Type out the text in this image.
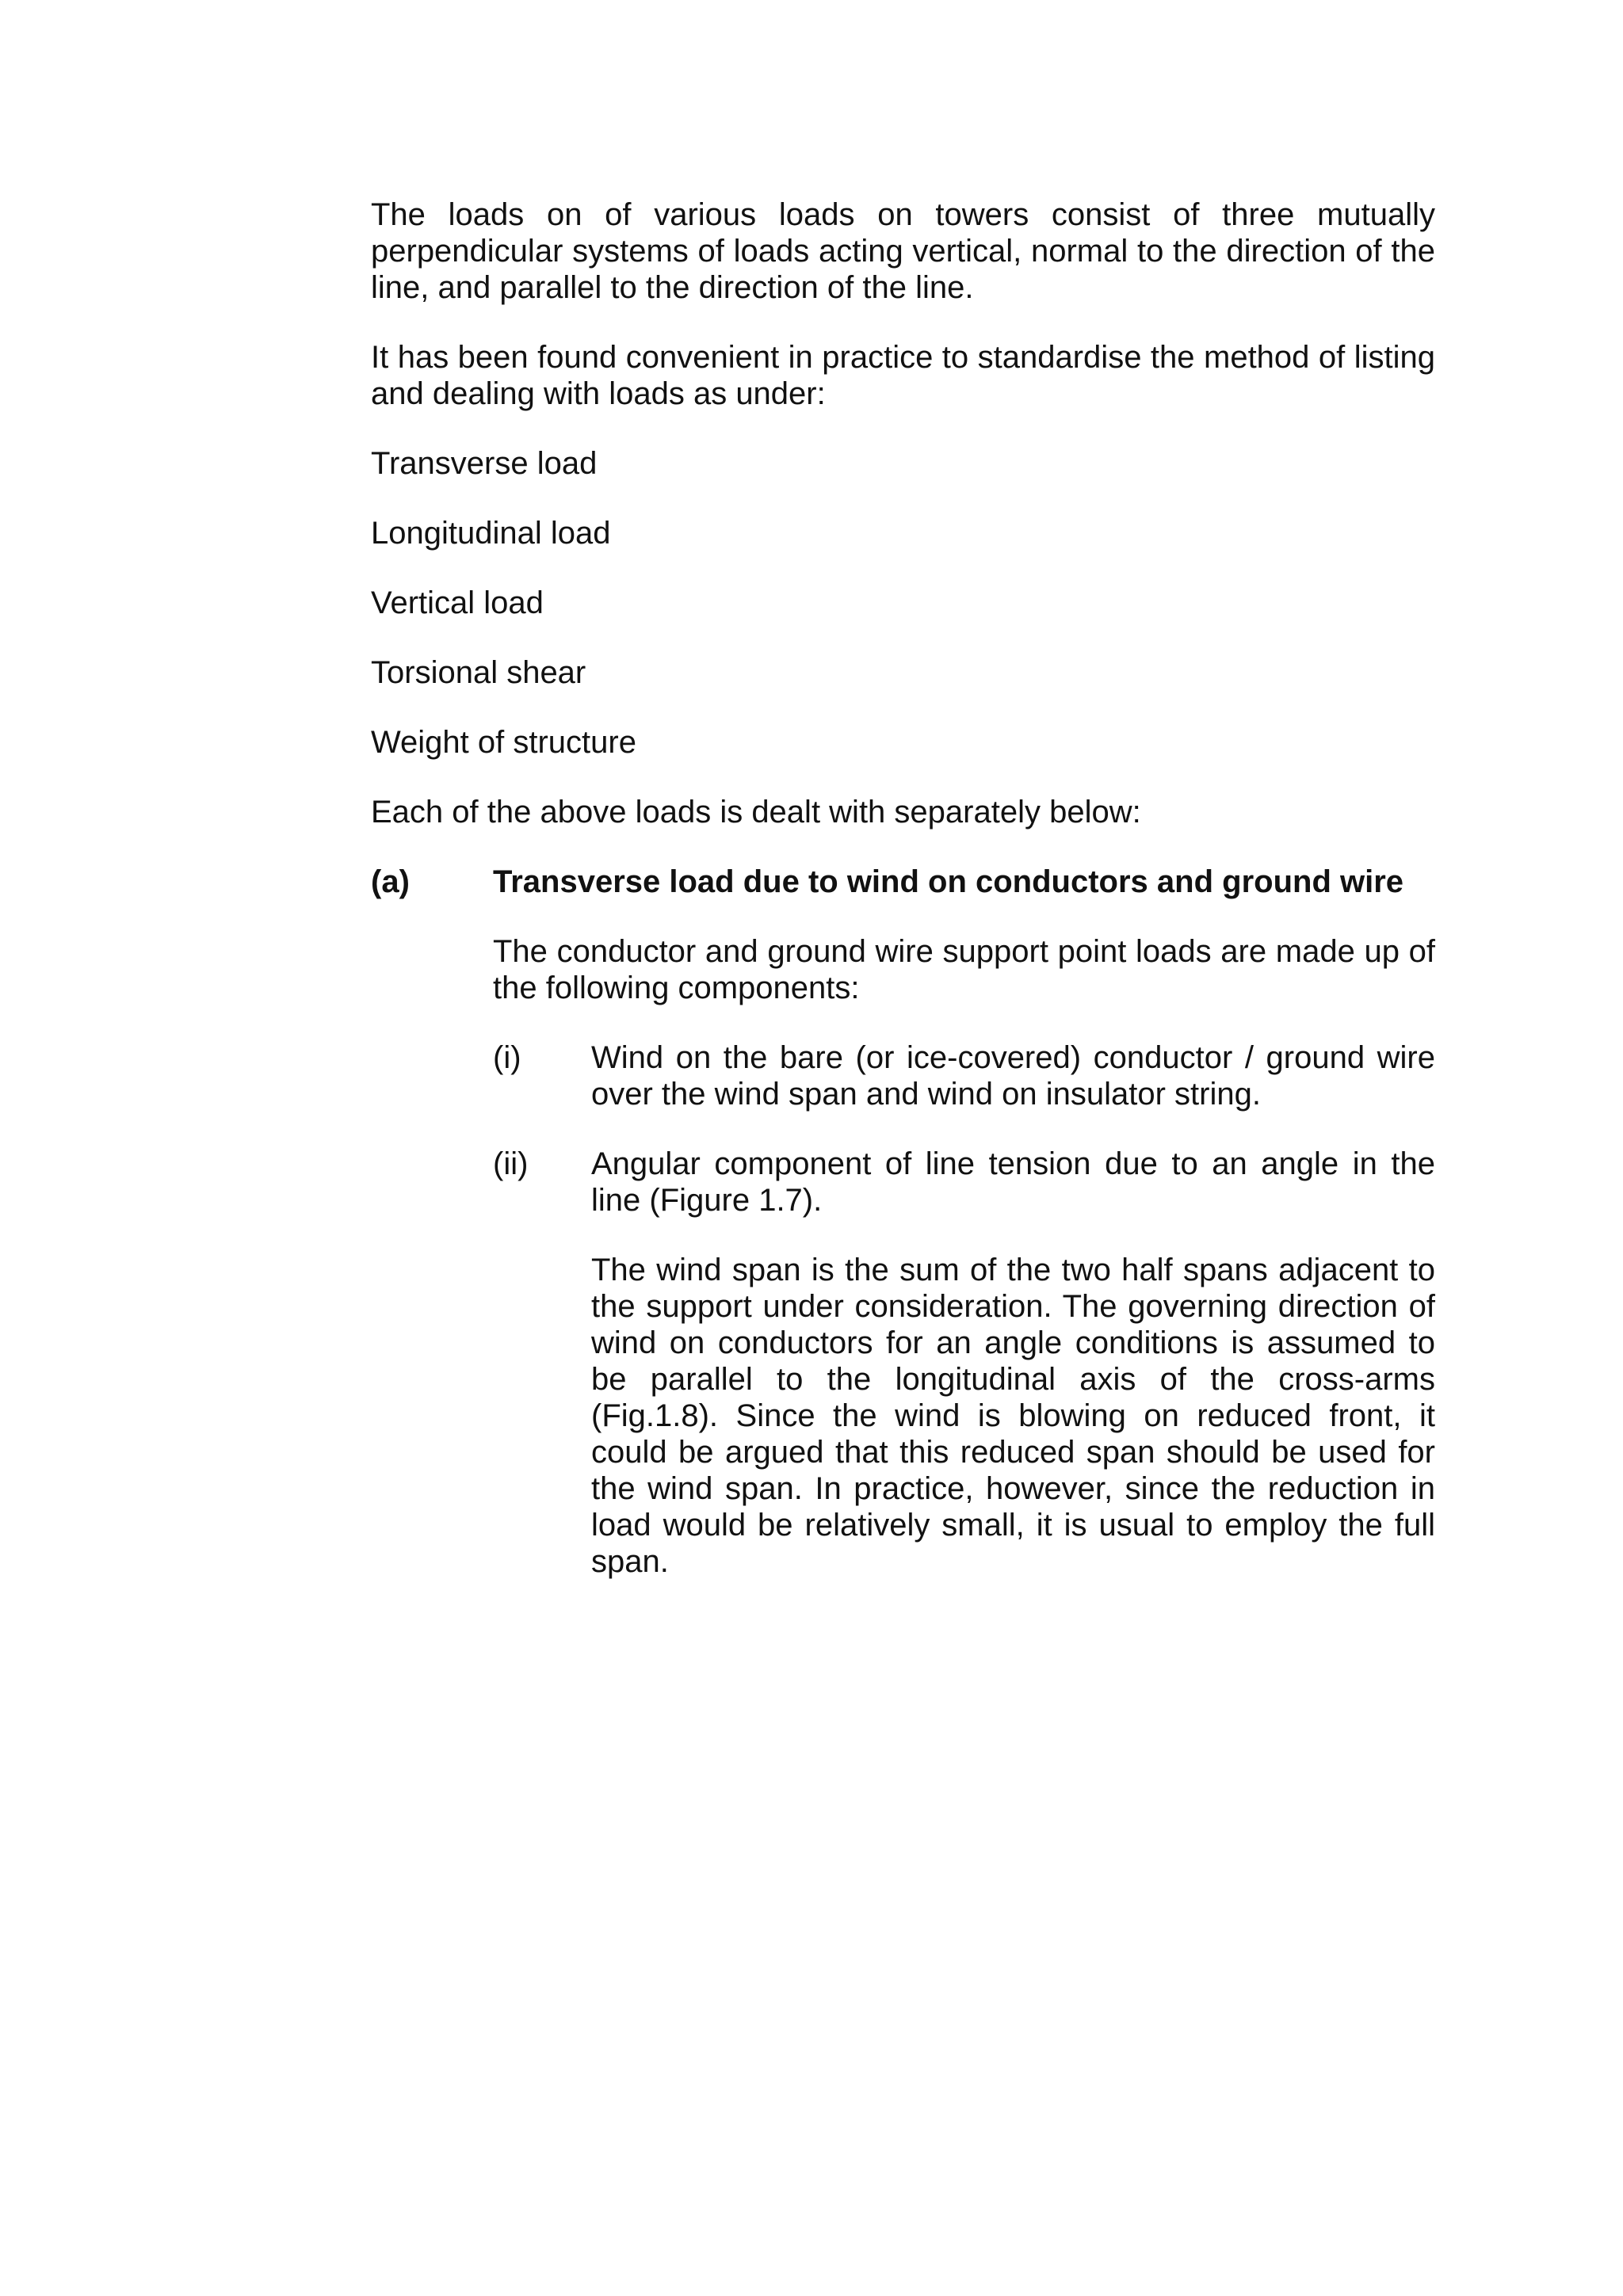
The loads on of various loads on towers consist of three mutually perpendicular systems of loads acting vertical, normal to the direction of the line, and parallel to the direction of the line.

It has been found convenient in practice to standardise the method of listing and dealing with loads as under:

Transverse load

Longitudinal load

Vertical load

Torsional shear

Weight of structure

Each of the above loads is dealt with separately below:

(a)	Transverse load due to wind on conductors and ground wire

The conductor and ground wire support point loads are made up of the following components:

(i)	Wind on the bare (or ice-covered) conductor / ground wire over the wind span and wind on insulator string.
(ii)	Angular component of line tension due to an angle in the line (Figure 1.7).

The wind span is the sum of the two half spans adjacent to the support under consideration. The governing direction of wind on conductors for an angle conditions is assumed to be parallel to the longitudinal axis of the cross-arms (Fig.1.8). Since the wind is blowing on reduced front, it could be argued that this reduced span should be used for the wind span. In practice, however, since the reduction in load would be relatively small, it is usual to employ the full span.
